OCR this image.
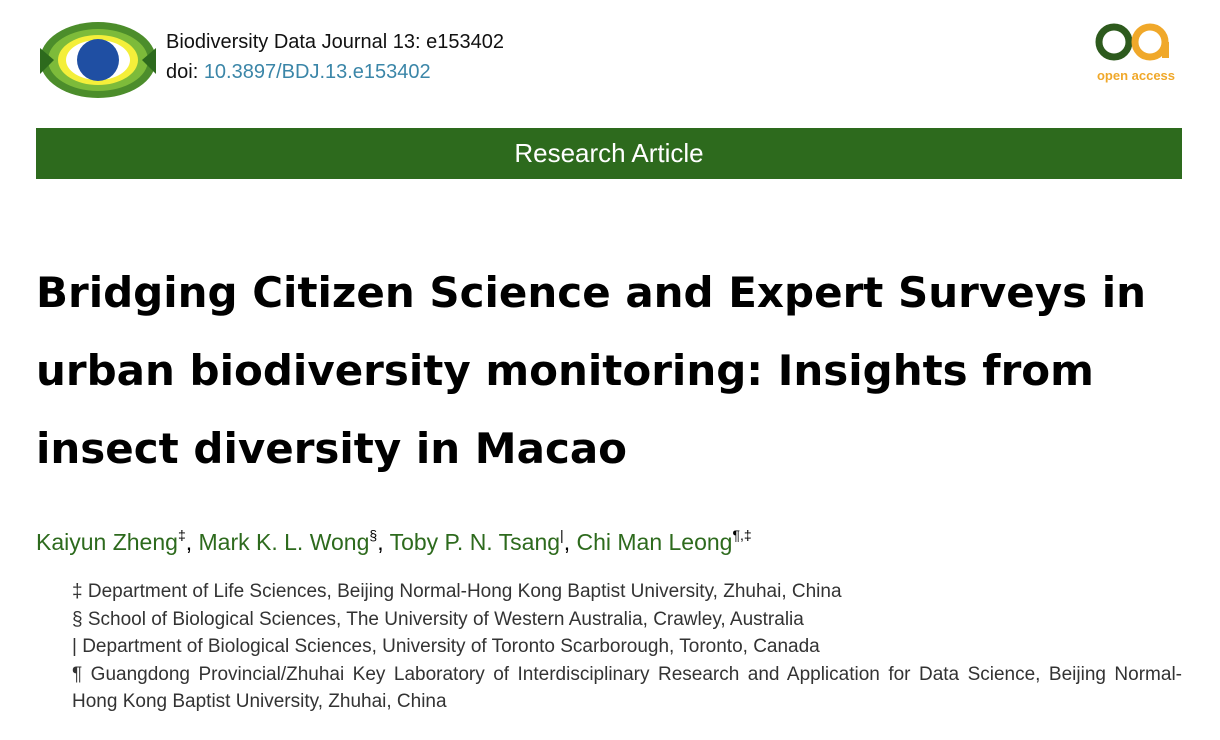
Biodiversity Data Journal 13: e153402
doi: 10.3897/BDJ.13.e153402	open access
Research Article
Bridging Citizen Science and Expert Surveys in urban biodiversity monitoring: Insights from insect diversity in Macao
Kaiyun Zheng‡, Mark K. L. Wong§, Toby P. N. Tsang|, Chi Man Leong¶,‡
‡ Department of Life Sciences, Beijing Normal-Hong Kong Baptist University, Zhuhai, China
§ School of Biological Sciences, The University of Western Australia, Crawley, Australia
| Department of Biological Sciences, University of Toronto Scarborough, Toronto, Canada
¶ Guangdong Provincial/Zhuhai Key Laboratory of Interdisciplinary Research and Application for Data Science, Beijing Normal-Hong Kong Baptist University, Zhuhai, China
